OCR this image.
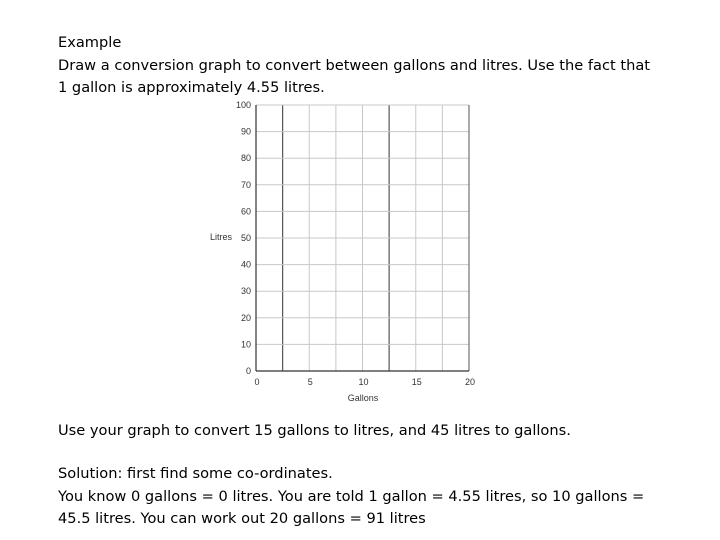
Example
Draw a conversion graph to convert between gallons and litres. Use the fact that
1 gallon is approximately 4.55 litres.
0	5	10	15	20
0
10
20
30
40
50
60
70
80
90
100
Gallons
Litres
Use your graph to convert 15 gallons to litres, and 45 litres to gallons.
Solution: first find some co-ordinates.
You know 0 gallons = 0 litres. You are told 1 gallon = 4.55 litres, so 10 gallons =
45.5 litres. You can work out 20 gallons = 91 litres
